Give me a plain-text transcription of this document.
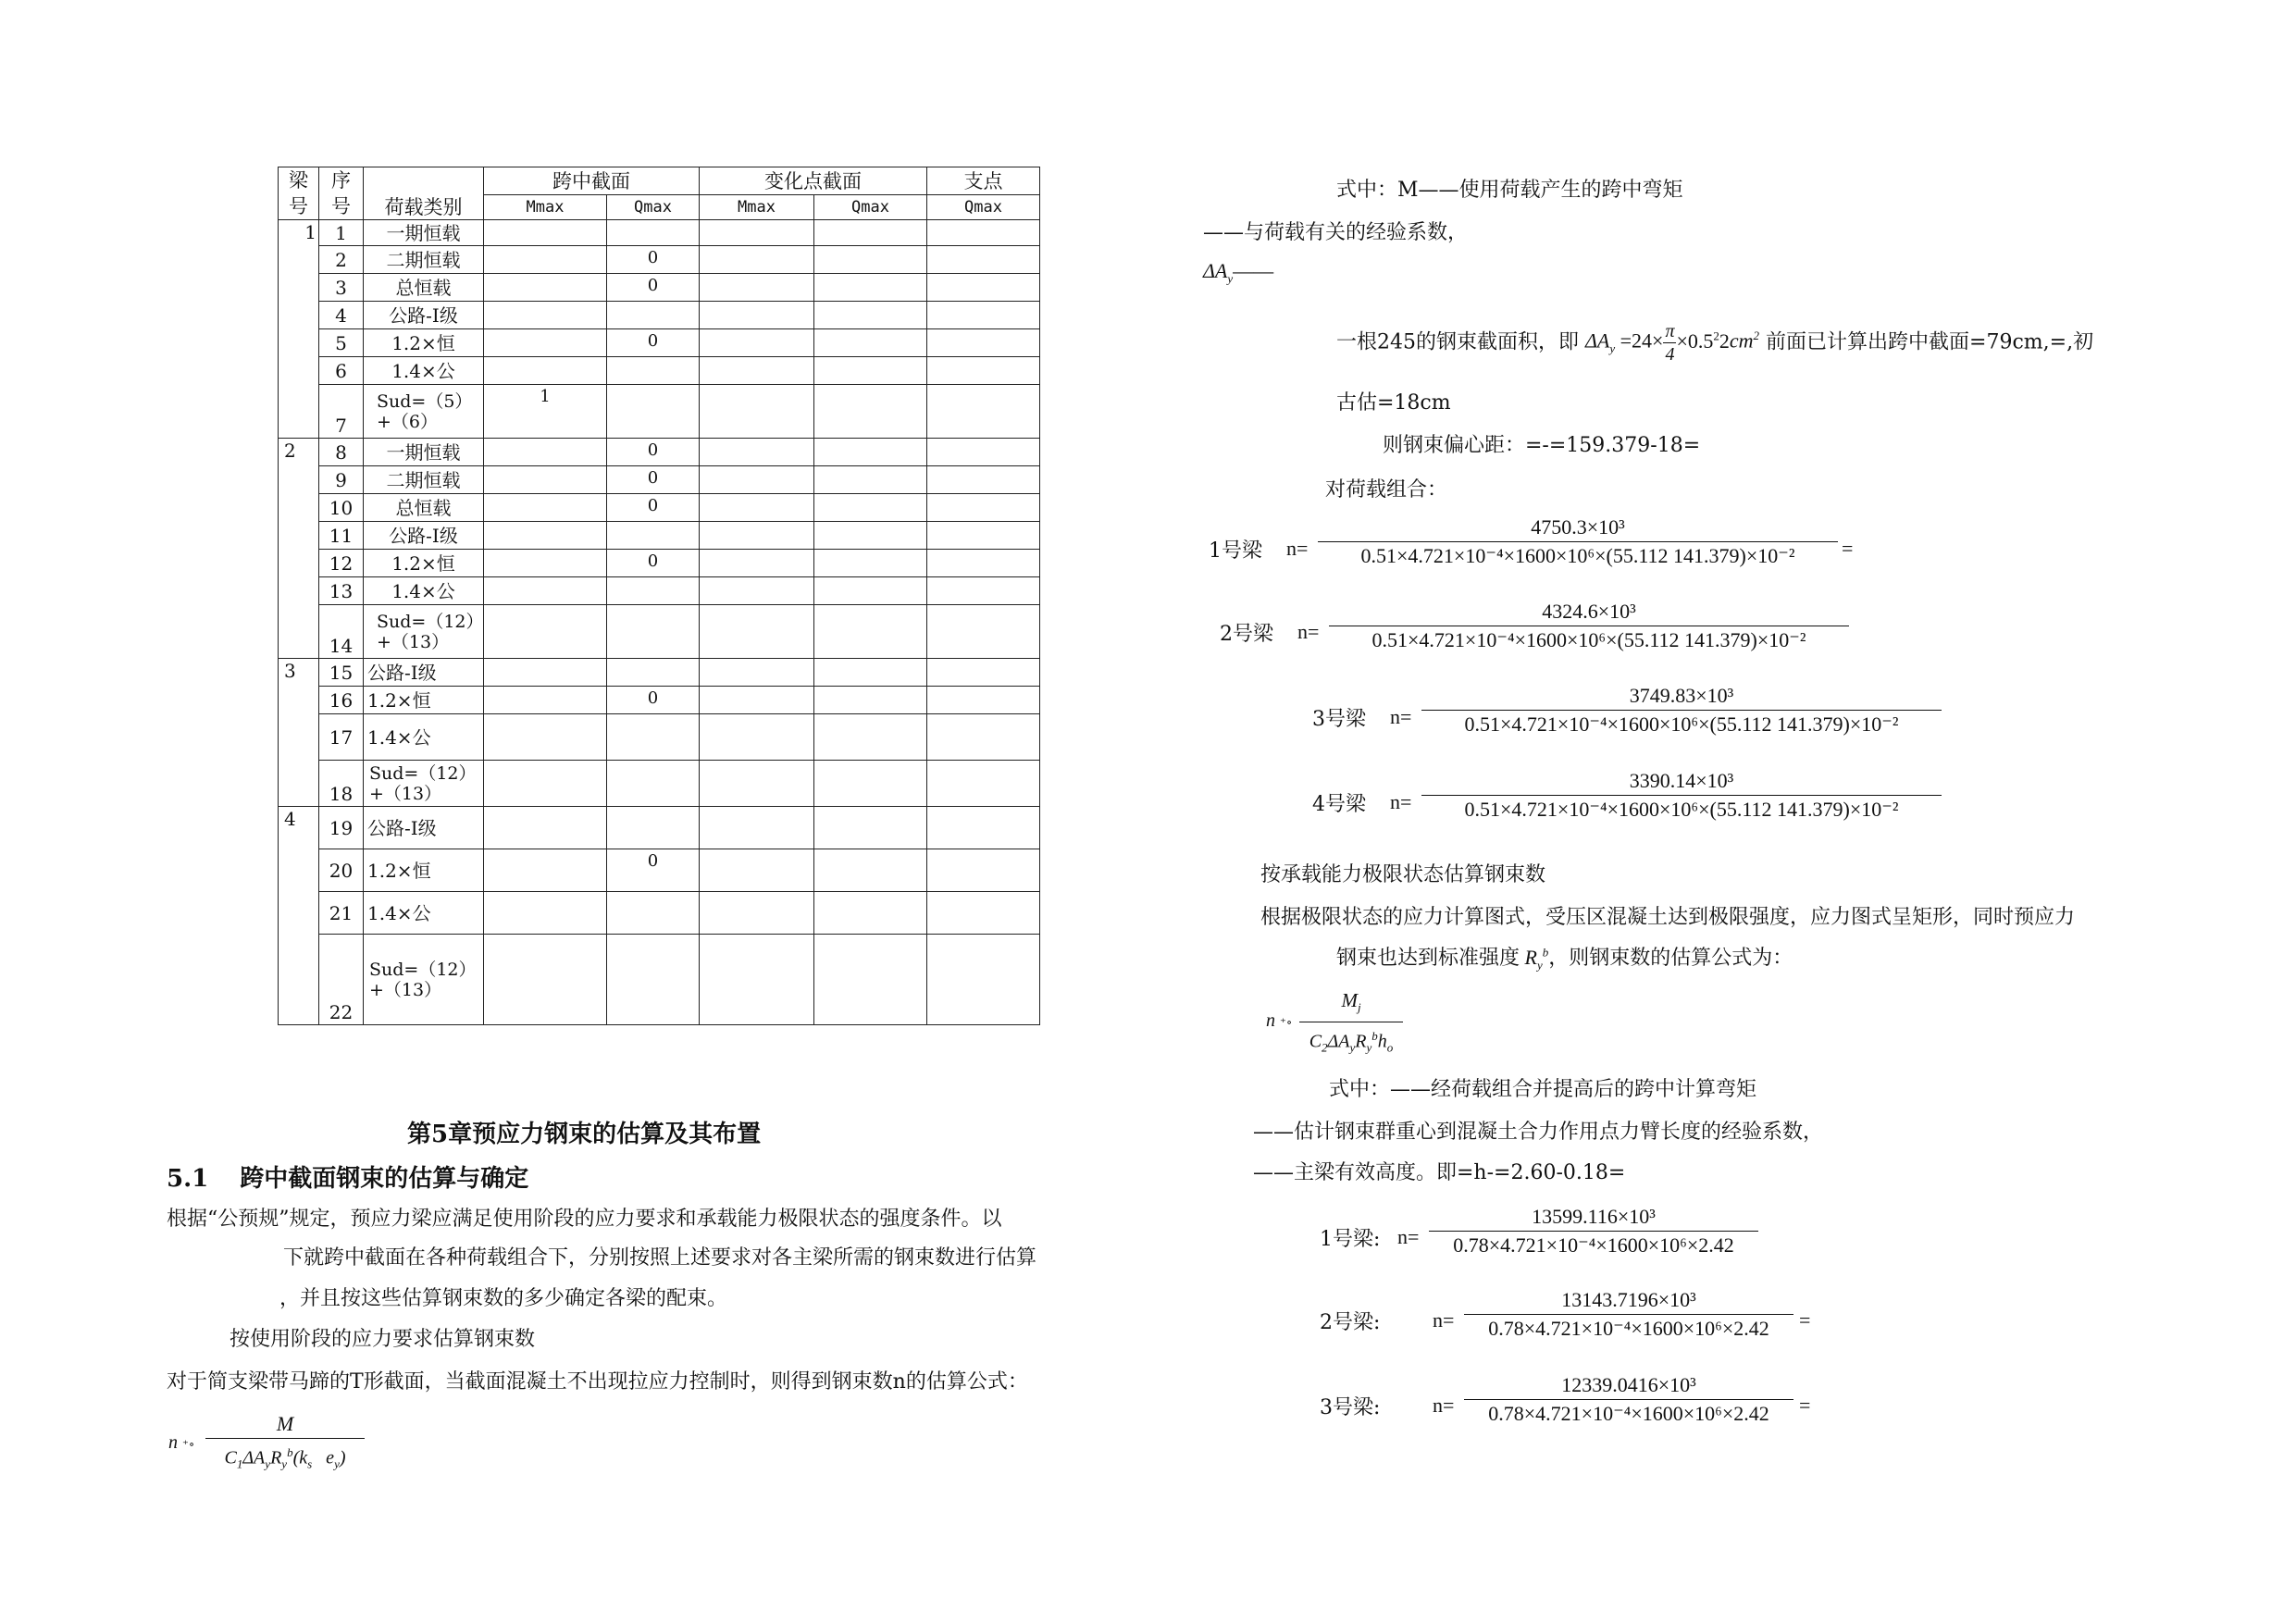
梁号	序号	荷载类别	跨中截面		变化点截面		支点
			Mmax	Qmax	Mmax	Qmax	Qmax
1	1	一期恒载					
	2	二期恒载		0			
	3	总恒载		0			
	4	公路-I级					
	5	1.2×恒		0			
	6	1.4×公					
	7	Sud=（5）+（6）	1				
2	8	一期恒载		0			
	9	二期恒载		0			
	10	总恒载		0			
	11	公路-I级					
	12	1.2×恒		0			
	13	1.4×公					
	14	Sud=（12）+（13）					
3	15	公路-I级					
	16	1.2×恒		0			
	17	1.4×公					
	18	Sud=（12）+（13）					
4	19	公路-I级					
	20	1.2×恒		0			
	21	1.4×公					
	22	Sud=（12）+（13）					
第5章预应力钢束的估算及其布置
5.1 跨中截面钢束的估算与确定
根据“公预规”规定，预应力梁应满足使用阶段的应力要求和承载能力极限状态的强度条件。以
下就跨中截面在各种荷载组合下，分别按照上述要求对各主梁所需的钢束数进行估算
，并且按这些估算钢束数的多少确定各梁的配束。
按使用阶段的应力要求估算钢束数
对于简支梁带马蹄的T形截面，当截面混凝土不出现拉应力控制时，则得到钢束数n的估算公式：
n ⁺∘
M
$C_1\Delta A_yR_y^b(k_s$   $e_y$)
式中：M——使用荷载产生的跨中弯矩
——与荷载有关的经验系数，
$\Delta A_y——$
一根245的钢束截面积，即 $\Delta A_y =24\times \frac{\pi}{4} \times 0.5^22cm^2$ 前面已计算出跨中截面=79cm,=,初
古估=18cm
则钢束偏心距：=-=159.379-18=
对荷载组合：
1号梁 n=
4750.3×10³
0.51×4.721×10⁻⁴×1600×10⁶×(55.112 141.379)×10⁻² =
2号梁 n=
4324.6×10³
0.51×4.721×10⁻⁴×1600×10⁶×(55.112 141.379)×10⁻²
3号梁 n=
3749.83×10³
0.51×4.721×10⁻⁴×1600×10⁶×(55.112 141.379)×10⁻²
4号梁 n=
3390.14×10³
0.51×4.721×10⁻⁴×1600×10⁶×(55.112 141.379)×10⁻²
按承载能力极限状态估算钢束数
根据极限状态的应力计算图式，受压区混凝土达到极限强度，应力图式呈矩形，同时预应力
钢束也达到标准强度 $R_y^b$，则钢束数的估算公式为：
n ⁺∘
$M_j$
$C_2\Delta A_yR_y^bh_o$
式中：——经荷载组合并提高后的跨中计算弯矩
——估计钢束群重心到混凝土合力作用点力臂长度的经验系数，
——主梁有效高度。即=h-=2.60-0.18=
1号梁: n=
13599.116×10³
0.78×4.721×10⁻⁴×1600×10⁶×2.42
2号梁:	n=
13143.7196×10³
0.78×4.721×10⁻⁴×1600×10⁶×2.42 =
3号梁:	n=
12339.0416×10³
0.78×4.721×10⁻⁴×1600×10⁶×2.42 =
